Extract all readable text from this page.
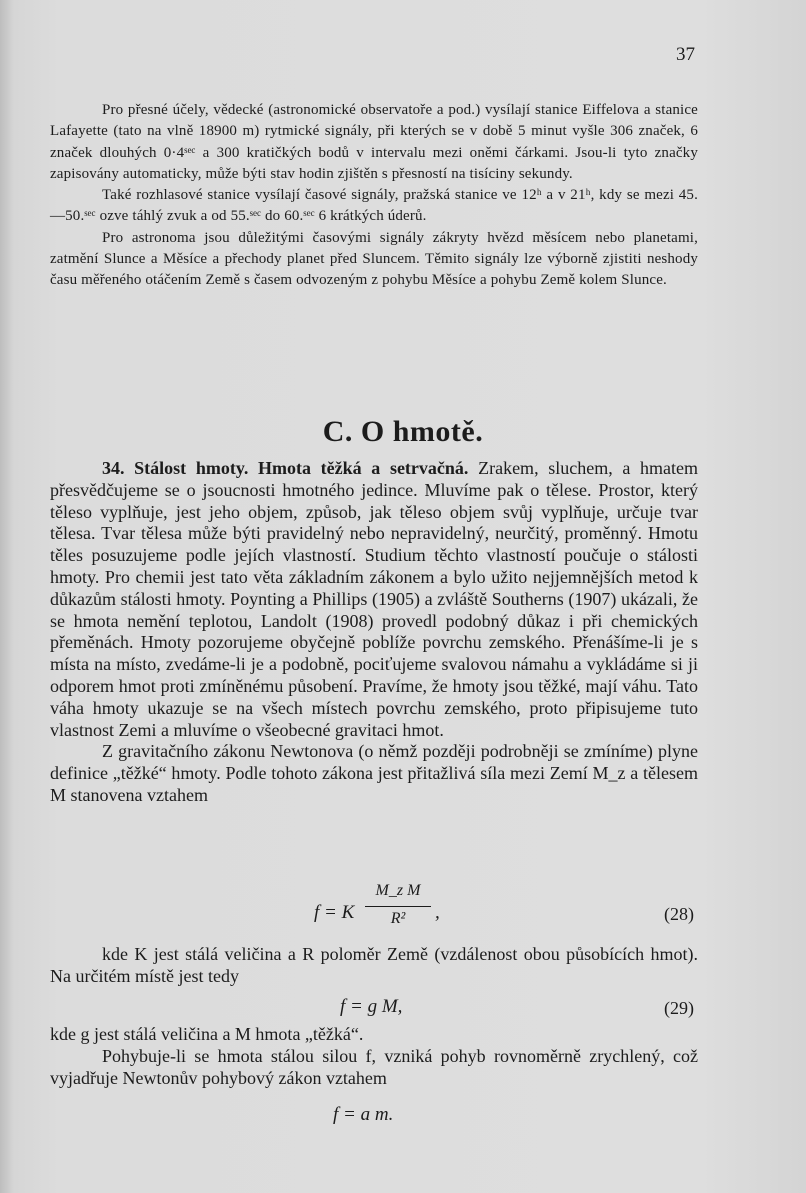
37

Pro přesné účely, vědecké (astronomické observatoře a pod.) vysílají stanice Eiffelova a stanice Lafayette (tato na vlně 18900 m) rytmické signály, při kterých se v době 5 minut vyšle 306 značek, 6 značek dlouhých 0·4ˢᵉᶜ a 300 kratičkých bodů v intervalu mezi oněmi čárkami. Jsou-li tyto značky zapisovány automaticky, může býti stav hodin zjištěn s přesností na tisíciny sekundy.

Také rozhlasové stanice vysílají časové signály, pražská stanice ve 12ʰ a v 21ʰ, kdy se mezi 45.—50.ˢᵉᶜ ozve táhlý zvuk a od 55.ˢᵉᶜ do 60.ˢᵉᶜ 6 krátkých úderů.

Pro astronoma jsou důležitými časovými signály zákryty hvězd měsícem nebo planetami, zatmění Slunce a Měsíce a přechody planet před Sluncem. Těmito signály lze výborně zjistiti neshody času měřeného otáčením Země s časem odvozeným z pohybu Měsíce a pohybu Země kolem Slunce.

C. O hmotě.

34. Stálost hmoty. Hmota těžká a setrvačná. Zrakem, sluchem, a hmatem přesvědčujeme se o jsoucnosti hmotného jedince. Mluvíme pak o tělese. Prostor, který těleso vyplňuje, jest jeho objem, způsob, jak těleso objem svůj vyplňuje, určuje tvar tělesa. Tvar tělesa může býti pravidelný nebo nepravidelný, neurčitý, proměnný. Hmotu těles posuzujeme podle jejích vlastností. Studium těchto vlastností poučuje o stálosti hmoty. Pro chemii jest tato věta základním zákonem a bylo užito nejjemnějších metod k důkazům stálosti hmoty. Poynting a Phillips (1905) a zvláště Southerns (1907) ukázali, že se hmota nemění teplotou, Landolt (1908) provedl podobný důkaz i při chemických přeměnách. Hmoty pozorujeme obyčejně poblíže povrchu zemského. Přenášíme-li je s místa na místo, zvedáme-li je a podobně, pociťujeme svalovou námahu a vykládáme si ji odporem hmot proti zmíněnému působení. Pravíme, že hmoty jsou těžké, mají váhu. Tato váha hmoty ukazuje se na všech místech povrchu zemského, proto připisujeme tuto vlastnost Zemi a mluvíme o všeobecné gravitaci hmot.

Z gravitačního zákonu Newtonova (o němž později podrobněji se zmíníme) plyne definice „těžké“ hmoty. Podle tohoto zákona jest přitažlivá síla mezi Zemí M_z a tělesem M stanovena vztahem

f = K
M_z M
R²	,	(28)

kde K jest stálá veličina a R poloměr Země (vzdálenost obou působících hmot). Na určitém místě jest tedy

f = g M,	(29)

kde g jest stálá veličina a M hmota „těžká“.

Pohybuje-li se hmota stálou silou f, vzniká pohyb rovnoměrně zrychlený, což vyjadřuje Newtonův pohybový zákon vztahem

f = a m.
